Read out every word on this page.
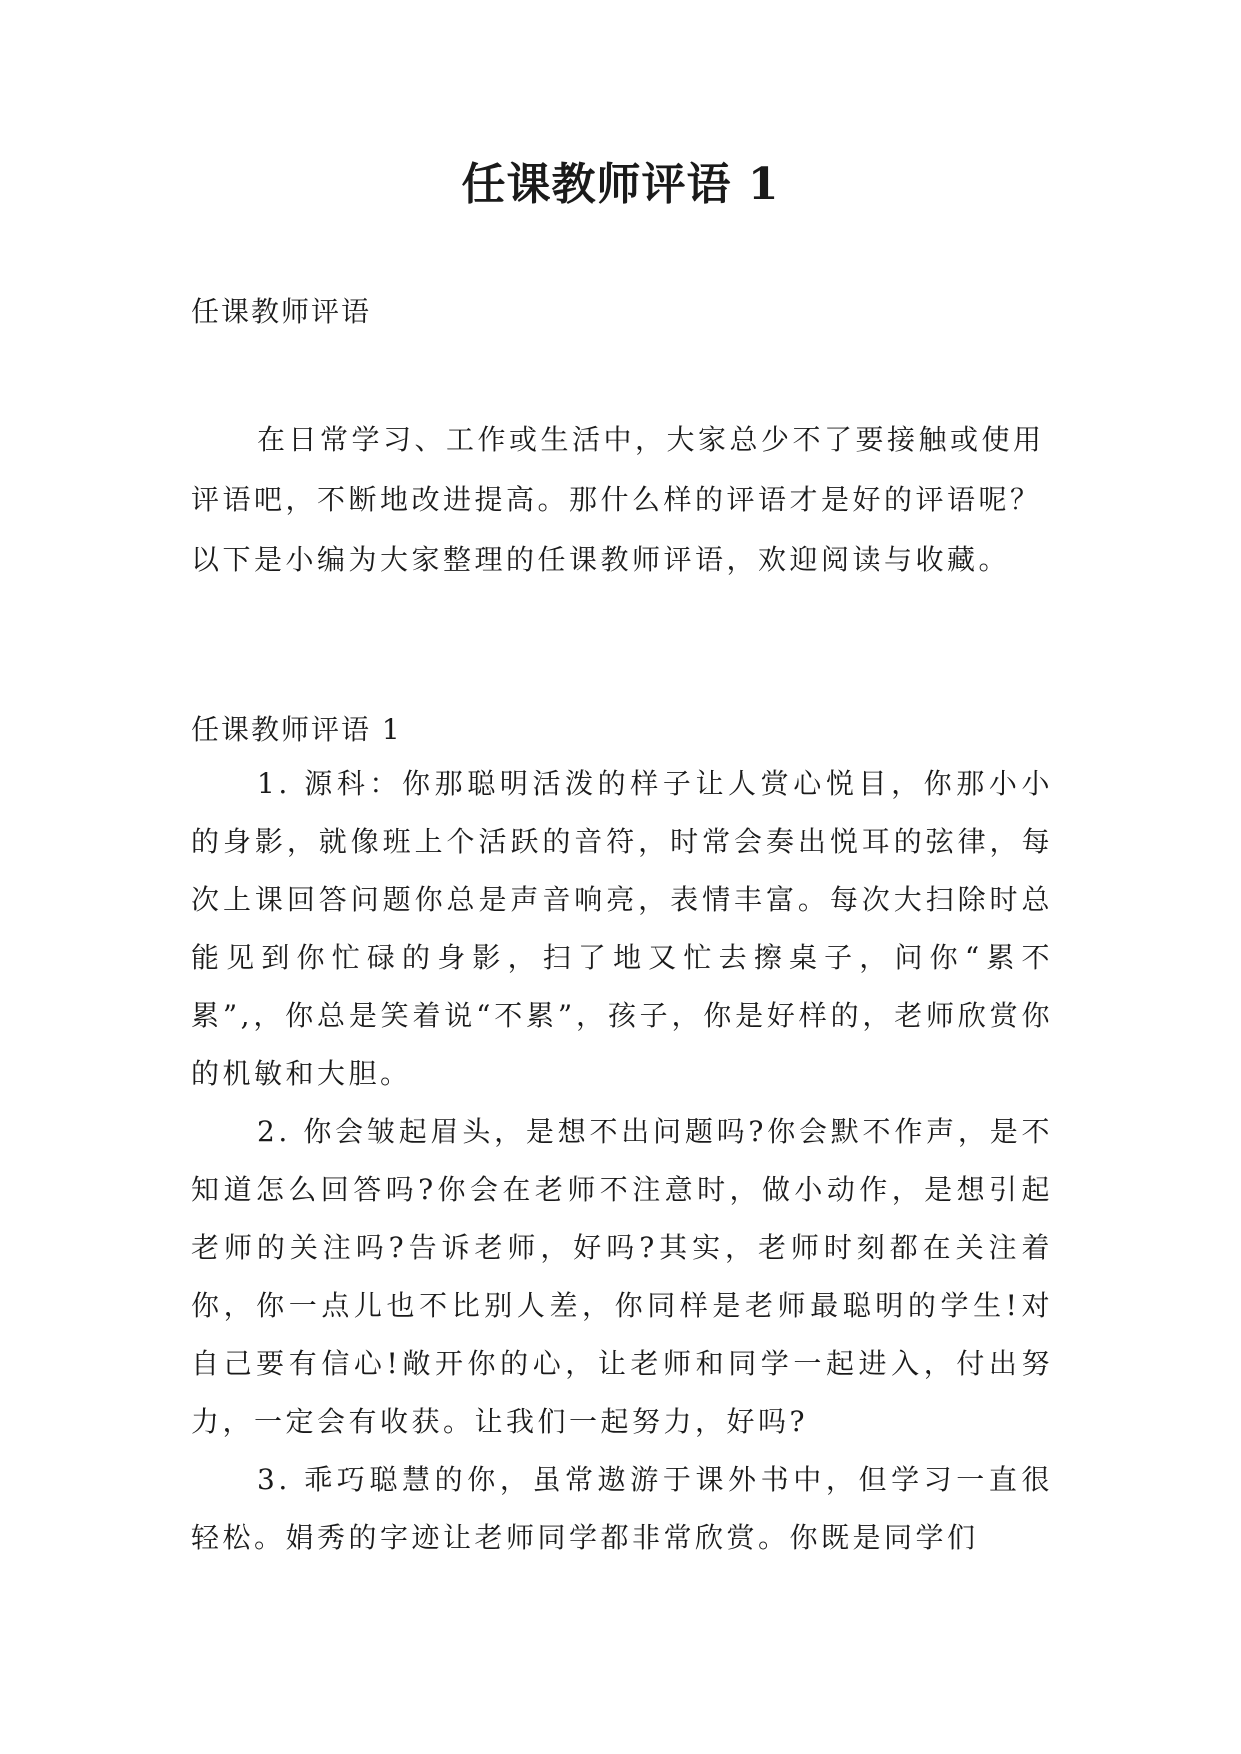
任课教师评语 1
任课教师评语

在日常学习、工作或生活中，大家总少不了要接触或使用评语吧，不断地改进提高。那什么样的评语才是好的评语呢？以下是小编为大家整理的任课教师评语，欢迎阅读与收藏。

任课教师评语 1

1. 源科：你那聪明活泼的样子让人赏心悦目，你那小小的身影，就像班上个活跃的音符，时常会奏出悦耳的弦律，每次上课回答问题你总是声音响亮，表情丰富。每次大扫除时总能见到你忙碌的身影，扫了地又忙去擦桌子，问你“累不累”,，你总是笑着说“不累”，孩子，你是好样的，老师欣赏你的机敏和大胆。

2. 你会皱起眉头，是想不出问题吗?你会默不作声，是不知道怎么回答吗?你会在老师不注意时，做小动作，是想引起老师的关注吗?告诉老师，好吗?其实，老师时刻都在关注着你，你一点儿也不比别人差，你同样是老师最聪明的学生!对自己要有信心!敞开你的心，让老师和同学一起进入，付出努力，一定会有收获。让我们一起努力，好吗?

3. 乖巧聪慧的你，虽常遨游于课外书中，但学习一直很轻松。娟秀的字迹让老师同学都非常欣赏。你既是同学们
